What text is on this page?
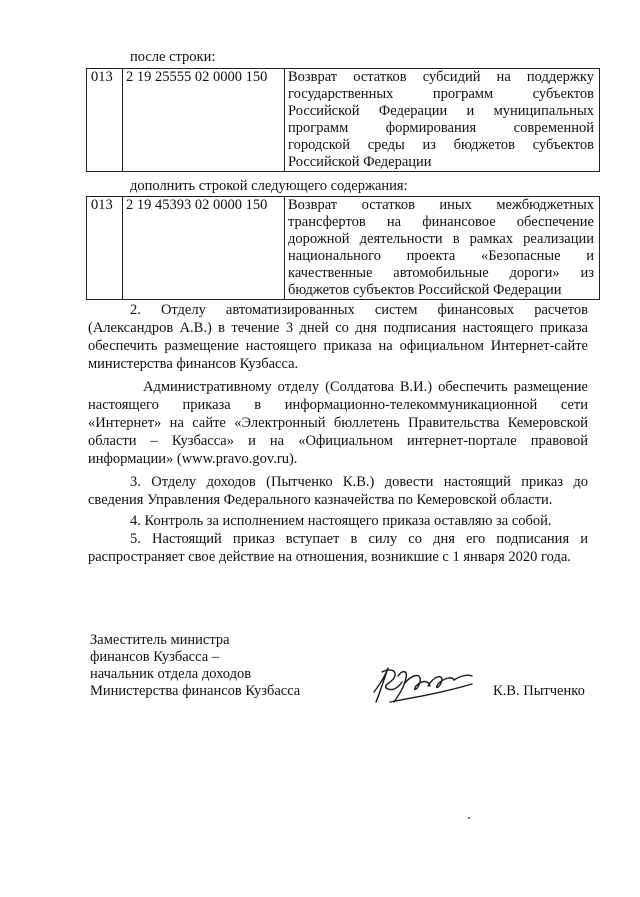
после строки:
013	2 19 25555 02 0000 150	Возврат остатков субсидий на поддержку
государственных программ субъектов
Российской Федерации и муниципальных
программ формирования современной
городской среды из бюджетов субъектов
Российской Федерации
дополнить строкой следующего содержания:
013	2 19 45393 02 0000 150	Возврат остатков иных межбюджетных
трансфертов на финансовое обеспечение
дорожной деятельности в рамках реализации
национального проекта «Безопасные и
качественные автомобильные дороги» из
бюджетов субъектов Российской Федерации
2. Отделу автоматизированных систем финансовых расчетов
(Александров А.В.) в течение 3 дней со дня подписания настоящего приказа
обеспечить размещение настоящего приказа на официальном Интернет-сайте
министерства финансов Кузбасса.
Административному отделу (Солдатова В.И.) обеспечить размещение
настоящего приказа в информационно-телекоммуникационной сети
«Интернет» на сайте «Электронный бюллетень Правительства Кемеровской
области – Кузбасса» и на «Официальном интернет-портале правовой
информации» (www.pravo.gov.ru).
3. Отделу доходов (Пытченко К.В.) довести настоящий приказ до
сведения Управления Федерального казначейства по Кемеровской области.
4. Контроль за исполнением настоящего приказа оставляю за собой.
5. Настоящий приказ вступает в силу со дня его подписания и
распространяет свое действие на отношения, возникшие с 1 января 2020 года.
Заместитель министра
финансов Кузбасса –
начальник отдела доходов
Министерства финансов Кузбасса	К.В. Пытченко
